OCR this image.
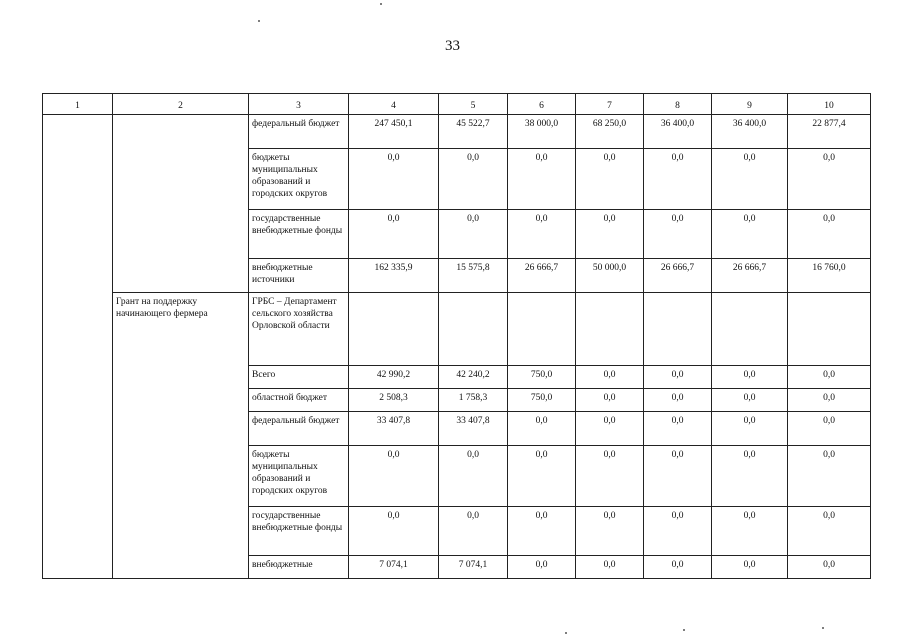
33
1	2	3	4	5	6	7	8	9	10
		федеральный бюджет	247 450,1	45 522,7	38 000,0	68 250,0	36 400,0	36 400,0	22 877,4
		бюджеты муниципальных образований и городских округов	0,0	0,0	0,0	0,0	0,0	0,0	0,0
		государственные внебюджетные фонды	0,0	0,0	0,0	0,0	0,0	0,0	0,0
		внебюджетные источники	162 335,9	15 575,8	26 666,7	50 000,0	26 666,7	26 666,7	16 760,0
	Грант на поддержку начинающего фермера	ГРБС – Департамент сельского хозяйства Орловской области							
		Всего	42 990,2	42 240,2	750,0	0,0	0,0	0,0	0,0
		областной бюджет	2 508,3	1 758,3	750,0	0,0	0,0	0,0	0,0
		федеральный бюджет	33 407,8	33 407,8	0,0	0,0	0,0	0,0	0,0
		бюджеты муниципальных образований и городских округов	0,0	0,0	0,0	0,0	0,0	0,0	0,0
		государственные внебюджетные фонды	0,0	0,0	0,0	0,0	0,0	0,0	0,0
		внебюджетные	7 074,1	7 074,1	0,0	0,0	0,0	0,0	0,0
